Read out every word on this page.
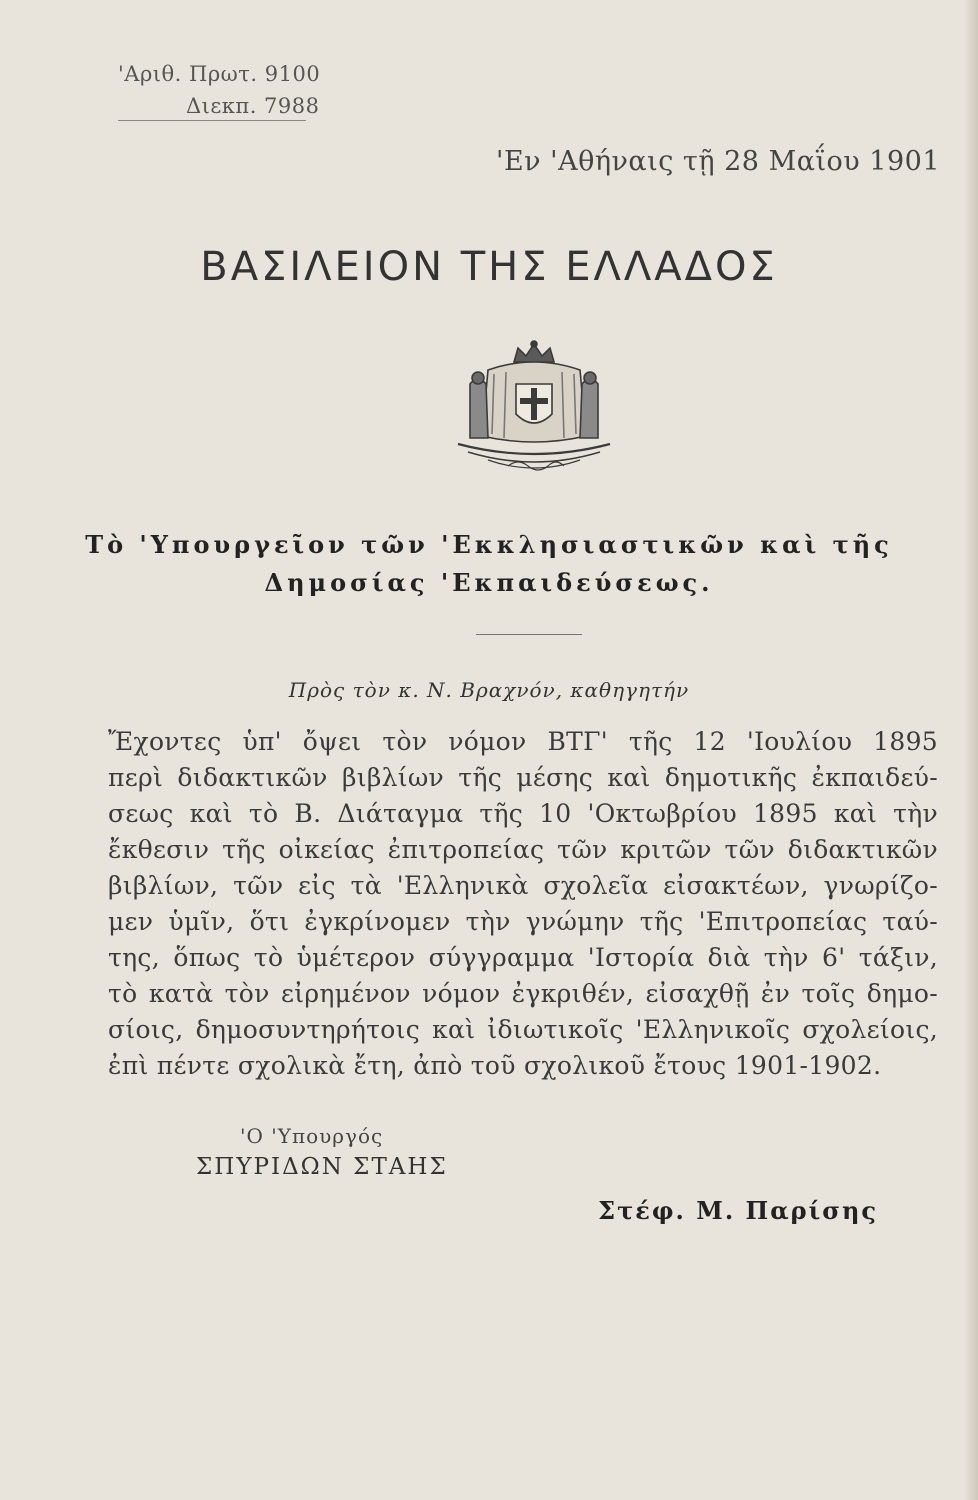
'Αριθ. Πρωτ. 9100
Διεκπ. 7988
'Εν 'Αθήναις τῇ 28 Μαΐου 1901
ΒΑΣΙΛΕΙΟΝ ΤΗΣ ΕΛΛΑΔΟΣ
Τὸ 'Υπουργεῖον τῶν 'Εκκλησιαστικῶν καὶ τῆς
Δημοσίας 'Εκπαιδεύσεως.
Πρὸς τὸν κ. Ν. Βραχνόν, καθηγητήν
Ἔχοντες ὑπ' ὄψει τὸν νόμον ΒΤΓ' τῆς 12 'Ιουλίου 1895
περὶ διδακτικῶν βιβλίων τῆς μέσης καὶ δημοτικῆς ἐκπαιδεύ-
σεως καὶ τὸ Β. Διάταγμα τῆς 10 'Οκτωβρίου 1895 καὶ τὴν
ἔκθεσιν τῆς οἰκείας ἐπιτροπείας τῶν κριτῶν τῶν διδακτικῶν
βιβλίων, τῶν εἰς τὰ 'Ελληνικὰ σχολεῖα εἰσακτέων, γνωρίζο-
μεν ὑμῖν, ὅτι ἐγκρίνομεν τὴν γνώμην τῆς 'Επιτροπείας ταύ-
της, ὅπως τὸ ὑμέτερον σύγγραμμα 'Ιστορία διὰ τὴν 6' τάξιν,
τὸ κατὰ τὸν εἰρημένον νόμον ἐγκριθέν, εἰσαχθῇ ἐν τοῖς δημο-
σίοις, δημοσυντηρήτοις καὶ ἰδιωτικοῖς 'Ελληνικοῖς σχολείοις,
ἐπὶ πέντε σχολικὰ ἔτη, ἀπὸ τοῦ σχολικοῦ ἔτους 1901-1902.
'Ο 'Υπουργός
ΣΠΥΡΙΔΩΝ ΣΤΑΗΣ
Στέφ. Μ. Παρίσης
